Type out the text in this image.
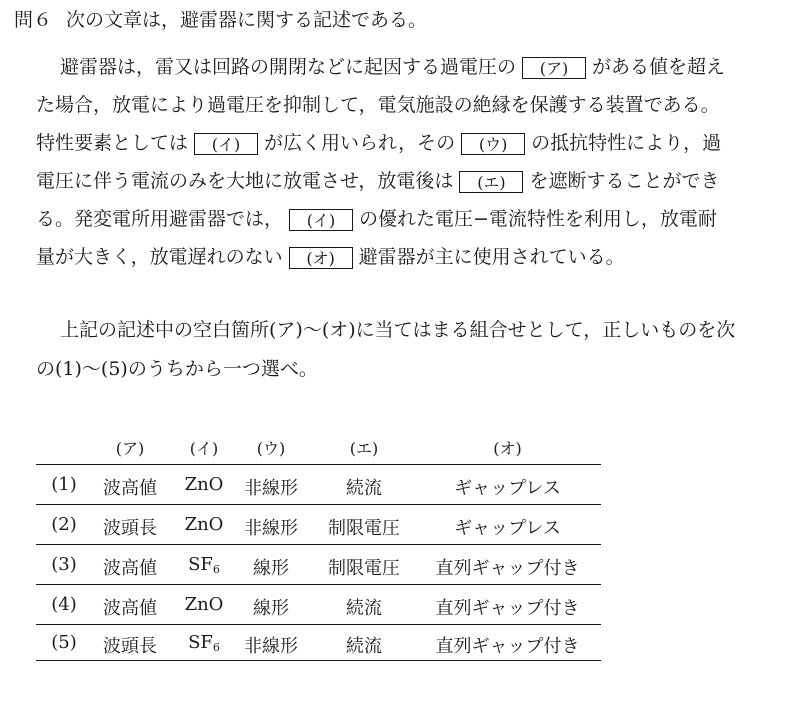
問６ 次の文章は，避雷器に関する記述である。
避雷器は，雷又は回路の開閉などに起因する過電圧の (ア) がある値を超え
た場合，放電により過電圧を抑制して，電気施設の絶縁を保護する装置である。
特性要素としては (イ) が広く用いられ，その (ウ) の抵抗特性により，過
電圧に伴う電流のみを大地に放電させ，放電後は (エ) を遮断することができ
る。発変電所用避雷器では， (イ) の優れた電圧−電流特性を利用し，放電耐
量が大きく，放電遅れのない (オ) 避雷器が主に使用されている。
上記の記述中の空白箇所(ア)～(オ)に当てはまる組合せとして，正しいものを次
の(1)～(5)のうちから一つ選べ。
(ア)	(イ)	(ウ)	(エ)	(オ)
(1)	波高値	ZnO	非線形	続流	ギャップレス
(2)	波頭長	ZnO	非線形	制限電圧	ギャップレス
(3)	波高値	$SF_6$	線形	制限電圧	直列ギャップ付き
(4)	波高値	ZnO	線形	続流	直列ギャップ付き
(5)	波頭長	$SF_6$	非線形	続流	直列ギャップ付き
